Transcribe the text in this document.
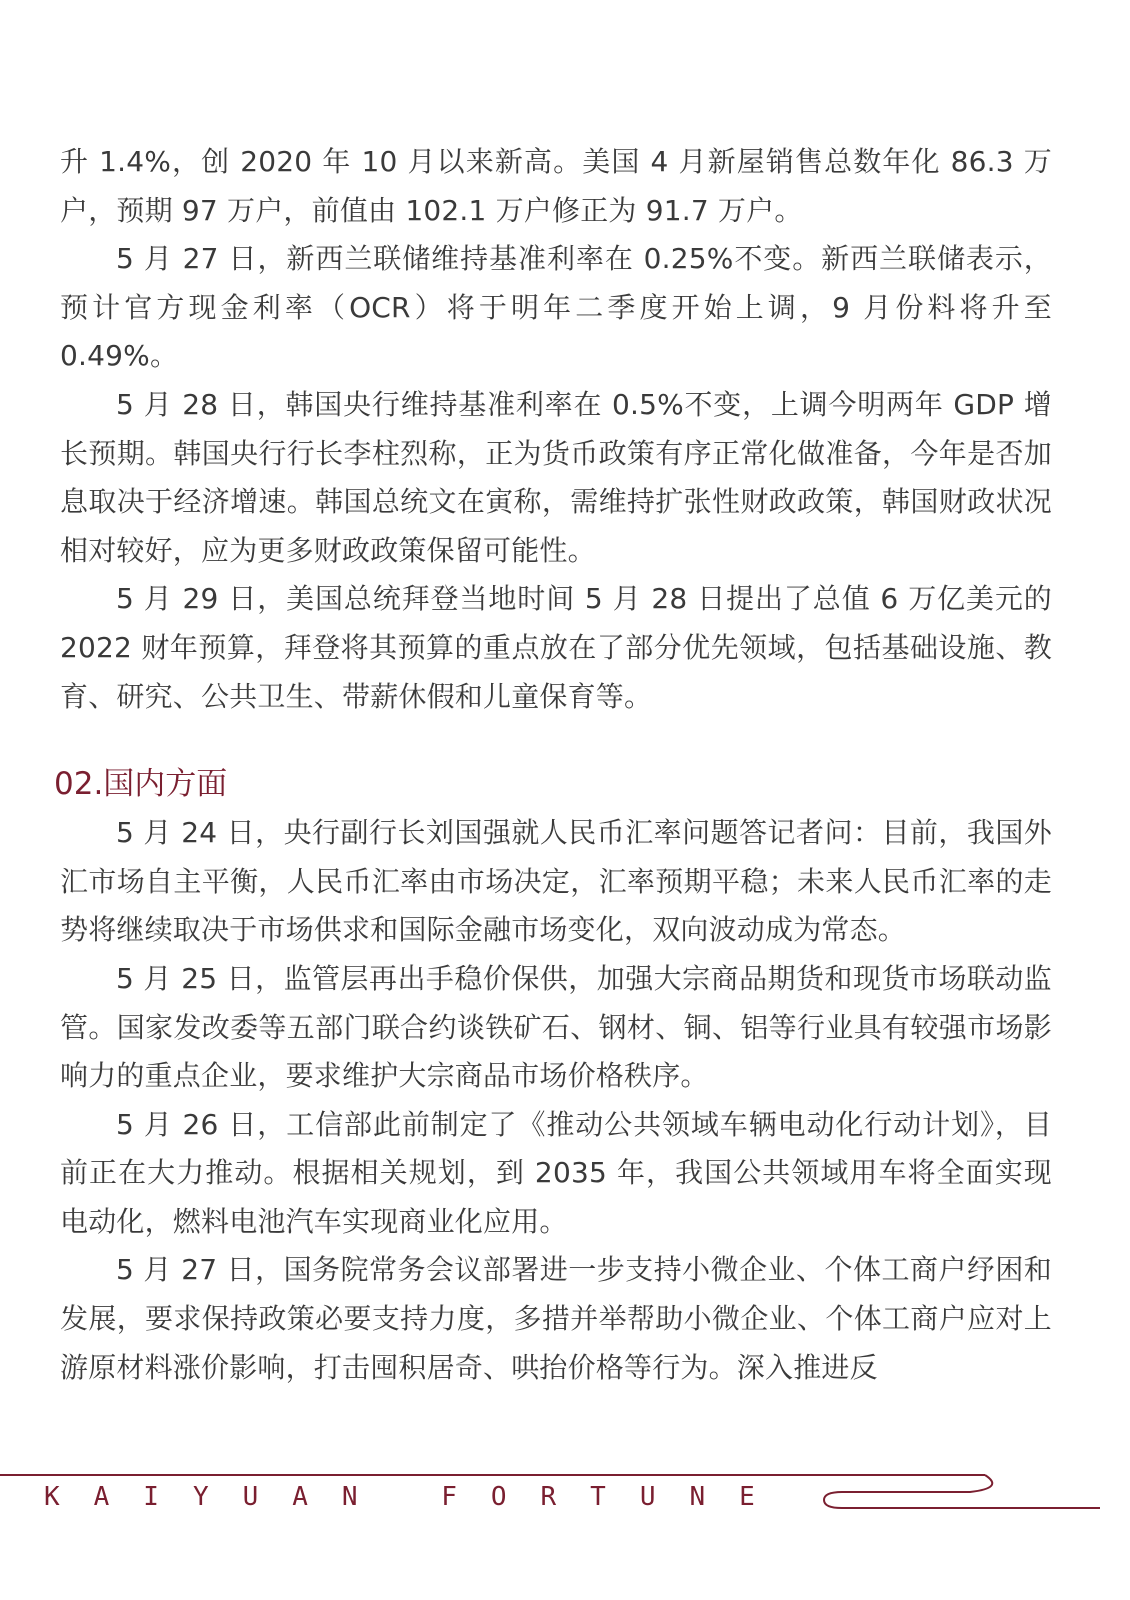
升 1.4%，创 2020 年 10 月以来新高。美国 4 月新屋销售总数年化 86.3 万户，预期 97 万户，前值由 102.1 万户修正为 91.7 万户。

5 月 27 日，新西兰联储维持基准利率在 0.25%不变。新西兰联储表示，预计官方现金利率（OCR）将于明年二季度开始上调，9 月份料将升至 0.49%。

5 月 28 日，韩国央行维持基准利率在 0.5%不变，上调今明两年 GDP 增长预期。韩国央行行长李柱烈称，正为货币政策有序正常化做准备，今年是否加息取决于经济增速。韩国总统文在寅称，需维持扩张性财政政策，韩国财政状况相对较好，应为更多财政政策保留可能性。

5 月 29 日，美国总统拜登当地时间 5 月 28 日提出了总值 6 万亿美元的 2022 财年预算，拜登将其预算的重点放在了部分优先领域，包括基础设施、教育、研究、公共卫生、带薪休假和儿童保育等。

02.国内方面

5 月 24 日，央行副行长刘国强就人民币汇率问题答记者问：目前，我国外汇市场自主平衡，人民币汇率由市场决定，汇率预期平稳；未来人民币汇率的走势将继续取决于市场供求和国际金融市场变化，双向波动成为常态。

5 月 25 日，监管层再出手稳价保供，加强大宗商品期货和现货市场联动监管。国家发改委等五部门联合约谈铁矿石、钢材、铜、铝等行业具有较强市场影响力的重点企业，要求维护大宗商品市场价格秩序。

5 月 26 日，工信部此前制定了《推动公共领域车辆电动化行动计划》，目前正在大力推动。根据相关规划，到 2035 年，我国公共领域用车将全面实现电动化，燃料电池汽车实现商业化应用。

5 月 27 日，国务院常务会议部署进一步支持小微企业、个体工商户纾困和发展，要求保持政策必要支持力度，多措并举帮助小微企业、个体工商户应对上游原材料涨价影响，打击囤积居奇、哄抬价格等行为。深入推进反

KAIYUAN FORTUNE
